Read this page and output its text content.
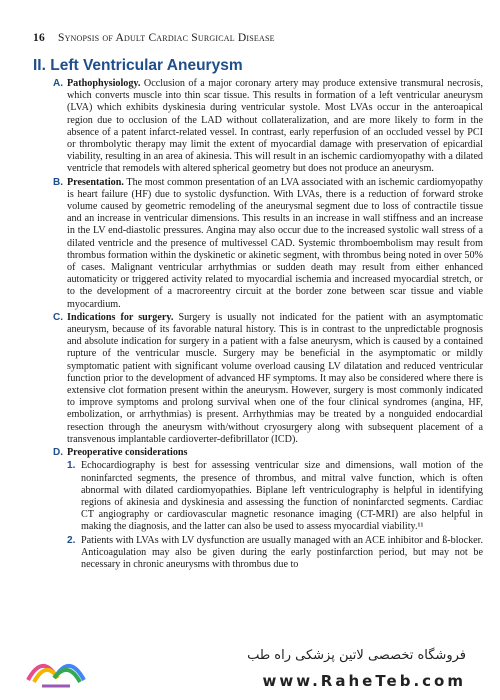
16 Synopsis of Adult Cardiac Surgical Disease
II. Left Ventricular Aneurysm
A. Pathophysiology. Occlusion of a major coronary artery may produce extensive transmural necrosis, which converts muscle into thin scar tissue. This results in formation of a left ventricular aneurysm (LVA) which exhibits dyskinesia during ventricular systole. Most LVAs occur in the anteroapical region due to occlusion of the LAD without collateralization, and are more likely to form in the absence of a patent infarct-related vessel. In contrast, early reperfusion of an occluded vessel by PCI or thrombolytic therapy may limit the extent of myocardial damage with preservation of epicardial viability, resulting in an area of akinesia. This will result in an ischemic cardiomyopathy with a dilated ventricle that remodels with altered spherical geometry but does not produce an aneurysm.
B. Presentation. The most common presentation of an LVA associated with an ischemic cardiomyopathy is heart failure (HF) due to systolic dysfunction. With LVAs, there is a reduction of forward stroke volume caused by geometric remodeling of the aneurysmal segment due to loss of contractile tissue and an increase in ventricular dimensions. This results in an increase in wall stiffness and an increase in the LV end-diastolic pressures. Angina may also occur due to the increased systolic wall stress of a dilated ventricle and the presence of multivessel CAD. Systemic thromboembolism may result from thrombus formation within the dyskinetic or akinetic segment, with thrombus being noted in over 50% of cases. Malignant ventricular arrhythmias or sudden death may result from either enhanced automaticity or triggered activity related to myocardial ischemia and increased myocardial stretch, or to the development of a macroreentry circuit at the border zone between scar tissue and viable myocardium.
C. Indications for surgery. Surgery is usually not indicated for the patient with an asymptomatic aneurysm, because of its favorable natural history. This is in contrast to the unpredictable prognosis and absolute indication for surgery in a patient with a false aneurysm, which is caused by a contained rupture of the ventricular muscle. Surgery may be beneficial in the asymptomatic or mildly symptomatic patient with significant volume overload causing LV dilatation and reduced ventricular function prior to the development of advanced HF symptoms. It may also be considered where there is extensive clot formation present within the aneurysm. However, surgery is most commonly indicated to improve symptoms and prolong survival when one of the four clinical syndromes (angina, HF, embolization, or arrhythmias) is present. Arrhythmias may be treated by a nonguided endocardial resection through the aneurysm with/without cryosurgery along with subsequent placement of a transvenous implantable cardioverter-defibrillator (ICD).
D. Preoperative considerations
1. Echocardiography is best for assessing ventricular size and dimensions, wall motion of the noninfarcted segments, the presence of thrombus, and mitral valve function, which is often abnormal with dilated cardiomyopathies. Biplane left ventriculography is helpful in identifying regions of akinesia and dyskinesia and assessing the function of noninfarcted segments. Cardiac CT angiography or cardiovascular magnetic resonance imaging (CT-MRI) are also helpful in making the diagnosis, and the latter can also be used to assess myocardial viability.¹¹
2. Patients with LVAs with LV dysfunction are usually managed with an ACE inhibitor and ß-blocker. Anticoagulation may also be given during the early postinfarction period, but may not be necessary in chronic aneurysms with thrombus due to
فروشگاه تخصصی لاتین پزشکی راه طب
www.RaheTeb.com
